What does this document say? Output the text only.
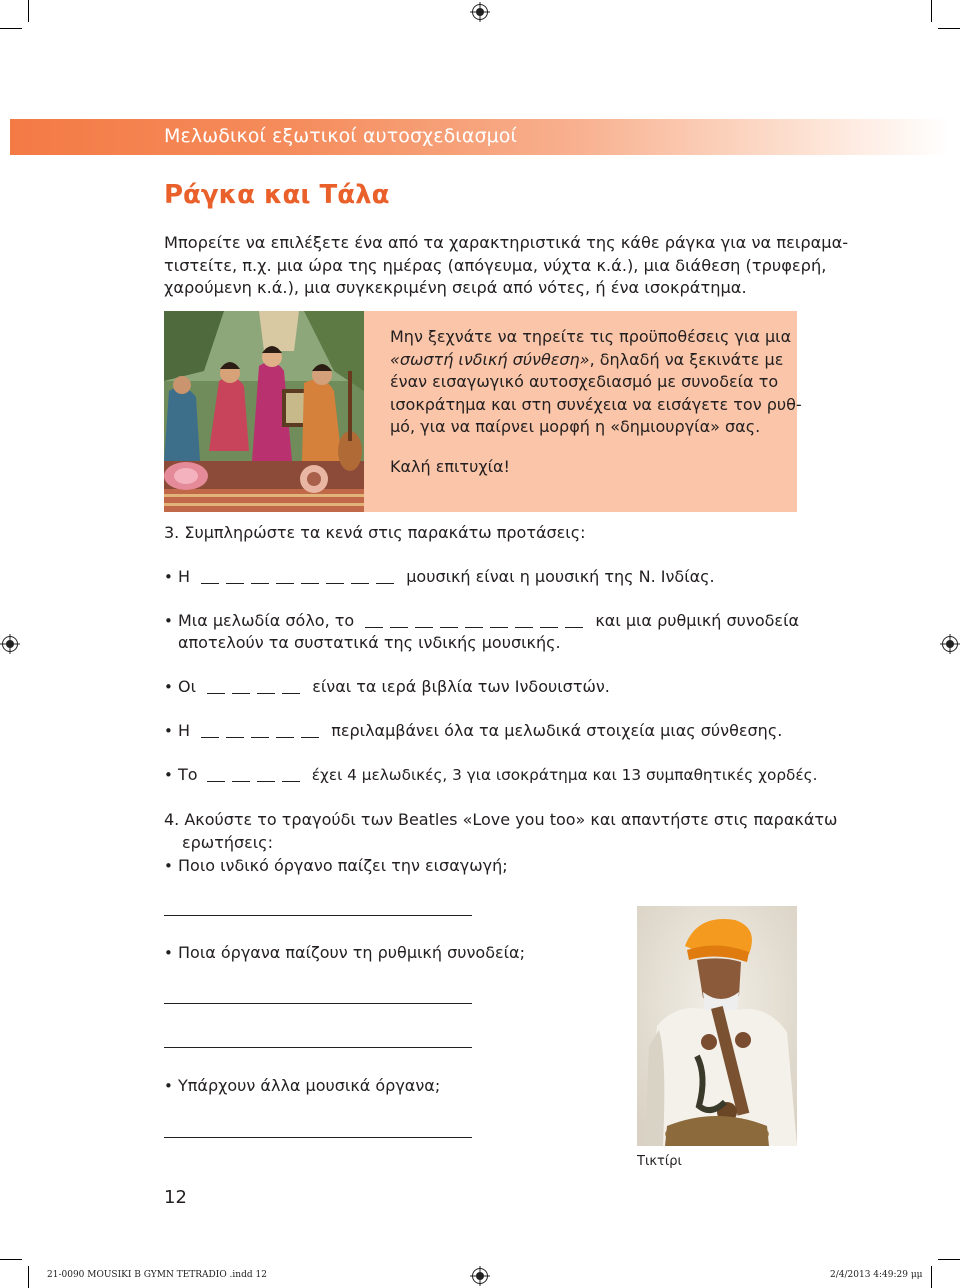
Μελωδικοί εξωτικοί αυτοσχεδιασμοί
Ράγκα και Τάλα
Μπορείτε να επιλέξετε ένα από τα χαρακτηριστικά της κάθε ράγκα για να πειραμα-
τιστείτε, π.χ. μια ώρα της ημέρας (απόγευμα, νύχτα κ.ά.), μια διάθεση (τρυφερή,
χαρούμενη κ.ά.), μια συγκεκριμένη σειρά από νότες, ή ένα ισοκράτημα.
Μην ξεχνάτε να τηρείτε τις προϋποθέσεις για μια
«σωστή ινδική σύνθεση», δηλαδή να ξεκινάτε με
έναν εισαγωγικό αυτοσχεδιασμό με συνοδεία το
ισοκράτημα και στη συνέχεια να εισάγετε τον ρυθ-
μό, για να παίρνει μορφή η «δημιουργία» σας.
Καλή επιτυχία!
3. Συμπληρώστε τα κενά στις παρακάτω προτάσεις:
• Η	μουσική είναι η μουσική της Ν. Ινδίας.
• Μια μελωδία σόλο, το	και μια ρυθμική συνοδεία
αποτελούν τα συστατικά της ινδικής μουσικής.
• Οι	είναι τα ιερά βιβλία των Ινδουιστών.
• Η	περιλαμβάνει όλα τα μελωδικά στοιχεία μιας σύνθεσης.
• Το	έχει 4 μελωδικές, 3 για ισοκράτημα και 13 συμπαθητικές χορδές.
4. Ακούστε το τραγούδι των Beatles «Love you too» και απαντήστε στις παρακάτω
ερωτήσεις:
• Ποιο ινδικό όργανο παίζει την εισαγωγή;
• Ποια όργανα παίζουν τη ρυθμική συνοδεία;
• Υπάρχουν άλλα μουσικά όργανα;
Τικτίρι
12
21-0090 MOUSIKI B GYMN TETRADIO .indd 12	2/4/2013 4:49:29 μμ
